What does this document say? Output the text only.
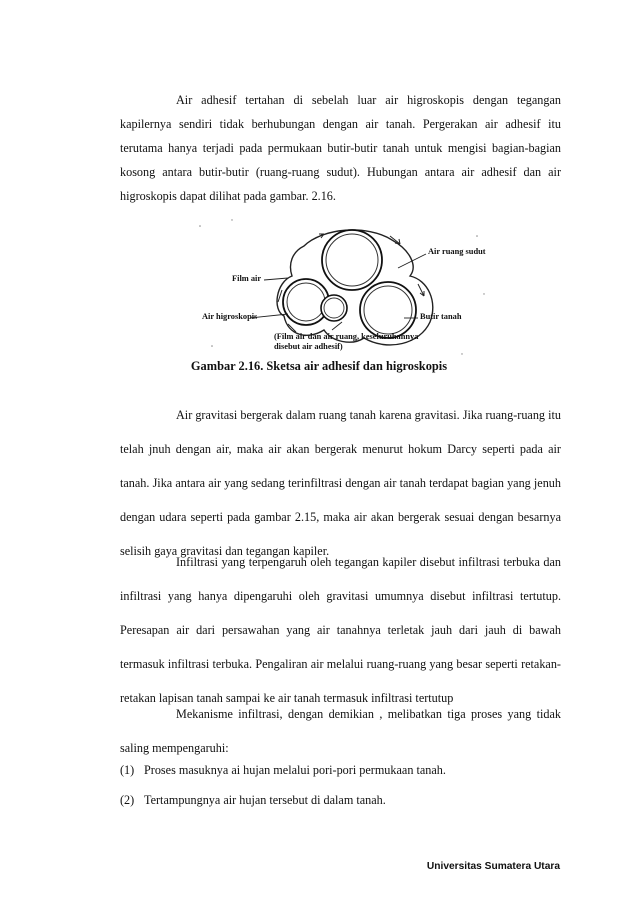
Air adhesif tertahan di sebelah luar air higroskopis dengan tegangan kapilernya sendiri tidak berhubungan dengan air tanah. Pergerakan air adhesif itu terutama hanya terjadi pada permukaan butir-butir tanah untuk mengisi bagian-bagian kosong antara butir-butir (ruang-ruang sudut). Hubungan antara air adhesif dan air higroskopis dapat dilihat pada gambar. 2.16.

Air ruang sudut
Film air
Air higroskopis	Butir tanah
(Film air dan air ruang, keseluruhannya
disebut air adhesif)
Gambar 2.16. Sketsa air adhesif dan higroskopis

Air gravitasi bergerak dalam ruang tanah karena gravitasi. Jika ruang-ruang itu telah jnuh dengan air, maka air akan bergerak menurut hokum Darcy seperti pada air tanah. Jika antara air yang sedang terinfiltrasi dengan air tanah terdapat bagian yang jenuh dengan udara seperti pada gambar 2.15, maka air akan bergerak sesuai dengan besarnya selisih gaya gravitasi dan tegangan kapiler.

Infiltrasi yang terpengaruh oleh tegangan kapiler disebut infiltrasi terbuka dan infiltrasi yang hanya dipengaruhi oleh gravitasi umumnya disebut infiltrasi tertutup. Peresapan air dari persawahan yang air tanahnya terletak jauh dari jauh di bawah termasuk infiltrasi terbuka. Pengaliran air melalui ruang-ruang yang besar seperti retakan-retakan lapisan tanah sampai ke air tanah termasuk infiltrasi tertutup

Mekanisme infiltrasi, dengan demikian , melibatkan tiga proses yang tidak saling mempengaruhi:

(1) Proses masuknya ai hujan melalui pori-pori permukaan tanah.
(2) Tertampungnya air hujan tersebut di dalam tanah.
Universitas Sumatera Utara
